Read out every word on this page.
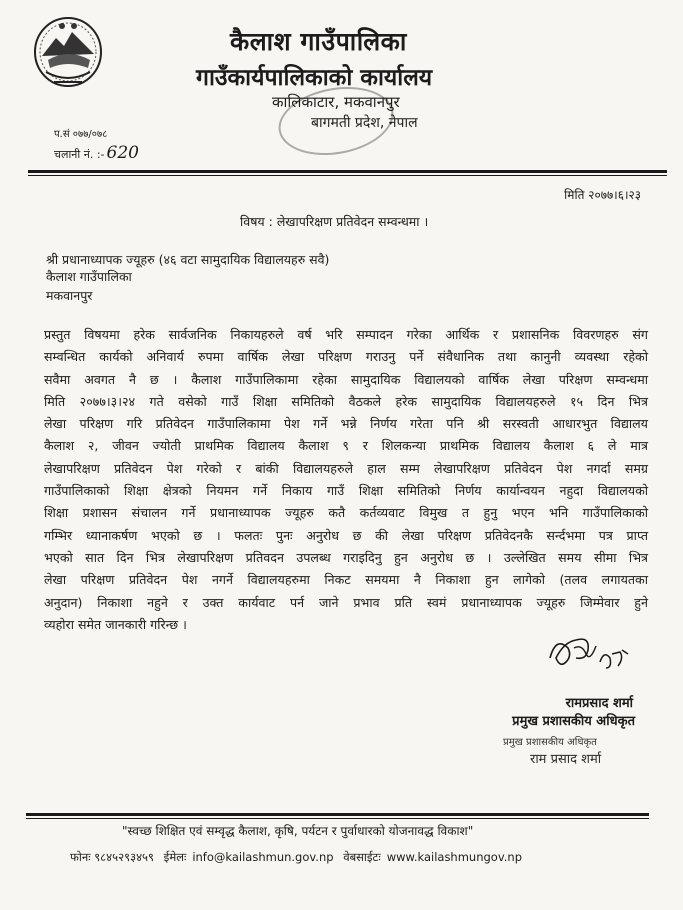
कैलाश गाउँपालिका
गाउँकार्यपालिकाको कार्यालय
कालिकाटार, मकवानपुर
बागमती प्रदेश, नेपाल
प.सं ०७७/०७८
चलानी नं. :- 620
मिति २०७७।६।२३
विषय : लेखापरिक्षण प्रतिवेदन सम्वन्धमा ।
श्री प्रधानाध्यापक ज्यूहरु (४६ वटा सामुदायिक विद्यालयहरु सवै)
कैलाश गाउँपालिका
मकवानपुर
प्रस्तुत विषयमा हरेक सार्वजनिक निकायहरुले वर्ष भरि सम्पादन गरेका आर्थिक र प्रशासनिक विवरणहरु संग
सम्वन्धित कार्यको अनिवार्य रुपमा वार्षिक लेखा परिक्षण गराउनु पर्ने संवैधानिक तथा कानुनी व्यवस्था रहेको
सवैमा अवगत नै छ । कैलाश गाउँपालिकामा रहेका सामुदायिक विद्यालयको वार्षिक लेखा परिक्षण सम्वन्धमा
मिति २०७७।३।२४ गते वसेको गाउँ शिक्षा समितिको वैठकले हरेक सामुदायिक विद्यालयहरुले १५ दिन भित्र
लेखा परिक्षण गरि प्रतिवेदन गाउँपालिकामा पेश गर्ने भन्ने निर्णय गरेता पनि श्री सरस्वती आधारभुत विद्यालय
कैलाश २, जीवन ज्योती प्राथमिक विद्यालय कैलाश ९ र शिलकन्या प्राथमिक विद्यालय कैलाश ६ ले मात्र
लेखापरिक्षण प्रतिवेदन पेश गरेको र बांकी विद्यालयहरुले हाल सम्म लेखापरिक्षण प्रतिवेदन पेश नगर्दा समग्र
गाउँपालिकाको शिक्षा क्षेत्रको नियमन गर्ने निकाय गाउँ शिक्षा समितिको निर्णय कार्यान्वयन नहुदा विद्यालयको
शिक्षा प्रशासन संचालन गर्ने प्रधानाध्यापक ज्यूहरु कतै कर्तव्यवाट विमुख त हुनु भएन भनि गाउँपालिकाको
गम्भिर ध्यानाकर्षण भएको छ । फलतः पुनः अनुरोध छ की लेखा परिक्षण प्रतिवेदनकै सर्न्दभमा पत्र प्राप्त
भएको सात दिन भित्र लेखापरिक्षण प्रतिवदन उपलब्ध गराइदिनु हुन अनुरोध छ । उल्लेखित समय सीमा भित्र
लेखा परिक्षण प्रतिवेदन पेश नगर्ने विद्यालयहरुमा निकट समयमा नै निकाशा हुन लागेको (तलव लगायतका
अनुदान) निकाशा नहुने र उक्त कार्यवाट पर्न जाने प्रभाव प्रति स्वमं प्रधानाध्यापक ज्यूहरु जिम्मेवार हुने
व्यहोरा समेत जानकारी गरिन्छ ।
रामप्रसाद शर्मा
प्रमुख प्रशासकीय अधिकृत
प्रमुख प्रशासकीय अधिकृत
राम प्रसाद शर्मा
"स्वच्छ शिक्षित एवं सम्वृद्ध कैलाश, कृषि, पर्यटन र पुर्वाधारको योजनावद्ध विकाश"
फोनः ९८४५२९३४५९ ईमेलः info@kailashmun.gov.np वेबसाईटः www.kailashmungov.np
